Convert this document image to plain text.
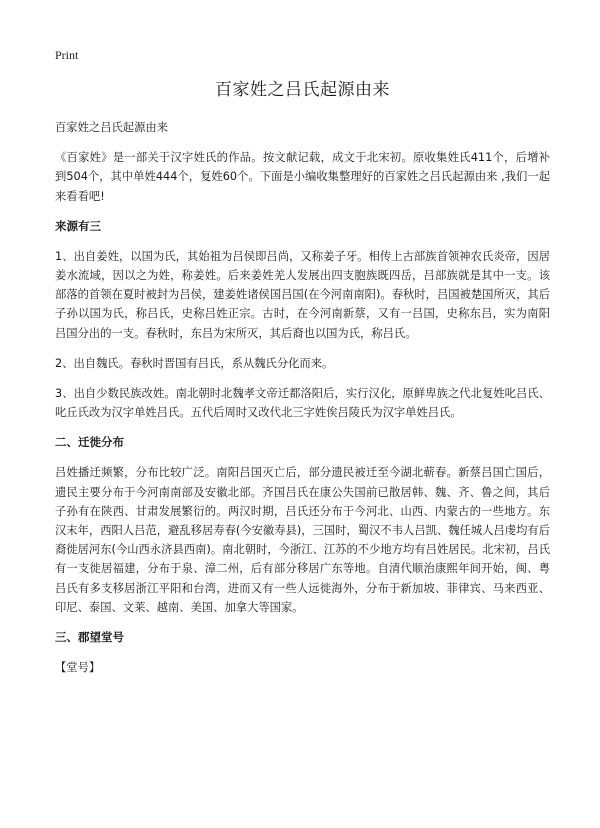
Print
百家姓之吕氏起源由来

百家姓之吕氏起源由来

《百家姓》是一部关于汉字姓氏的作品。按文献记载，成文于北宋初。原收集姓氏411个，后增补到504个，其中单姓444个，复姓60个。下面是小编收集整理好的百家姓之吕氏起源由来 ,我们一起来看看吧!

来源有三

1、出自姜姓，以国为氏，其始祖为吕侯即吕尚，又称姜子牙。相传上古部族首领神农氏炎帝，因居姜水流域，因以之为姓，称姜姓。后来姜姓羌人发展出四支胞族既四岳，吕部族就是其中一支。该部落的首领在夏时被封为吕侯，建姜姓诸侯国吕国(在今河南南阳)。春秋时，吕国被楚国所灭，其后子孙以国为氏，称吕氏，史称吕姓正宗。古时，在今河南新蔡，又有一吕国，史称东吕，实为南阳吕国分出的一支。春秋时，东吕为宋所灭，其后裔也以国为氏，称吕氏。

2、出自魏氏。春秋时晋国有吕氏，系从魏氏分化而来。

3、出自少数民族改姓。南北朝时北魏孝文帝迁都洛阳后，实行汉化，原鲜卑族之代北复姓叱吕氏、叱丘氏改为汉字单姓吕氏。五代后周时又改代北三字姓俟吕陵氏为汉字单姓吕氏。

二、迁徙分布

吕姓播迁频繁，分布比较广泛。南阳吕国灭亡后，部分遗民被迁至今湖北蕲春。新蔡吕国亡国后，遗民主要分布于今河南南部及安徽北部。齐国吕氏在康公失国前已散居韩、魏、齐、鲁之间，其后子孙有在陕西、甘肃发展繁衍的。两汉时期，吕氏还分布于今河北、山西、内蒙古的一些地方。东汉末年，西阳人吕范，避乱移居寿春(今安徽寿县)，三国时，蜀汉不韦人吕凯、魏任城人吕虔均有后裔徙居河东(今山西永济县西南)。南北朝时，今浙江、江苏的不少地方均有吕姓居民。北宋初，吕氏有一支徙居福建，分布于泉、漳二州，后有部分移居广东等地。自清代顺治康熙年间开始，闽、粤吕氏有多支移居浙江平阳和台湾，进而又有一些人远徙海外，分布于新加坡、菲律宾、马来西亚、印尼、泰国、文莱、越南、美国、加拿大等国家。

三、郡望堂号

【堂号】
